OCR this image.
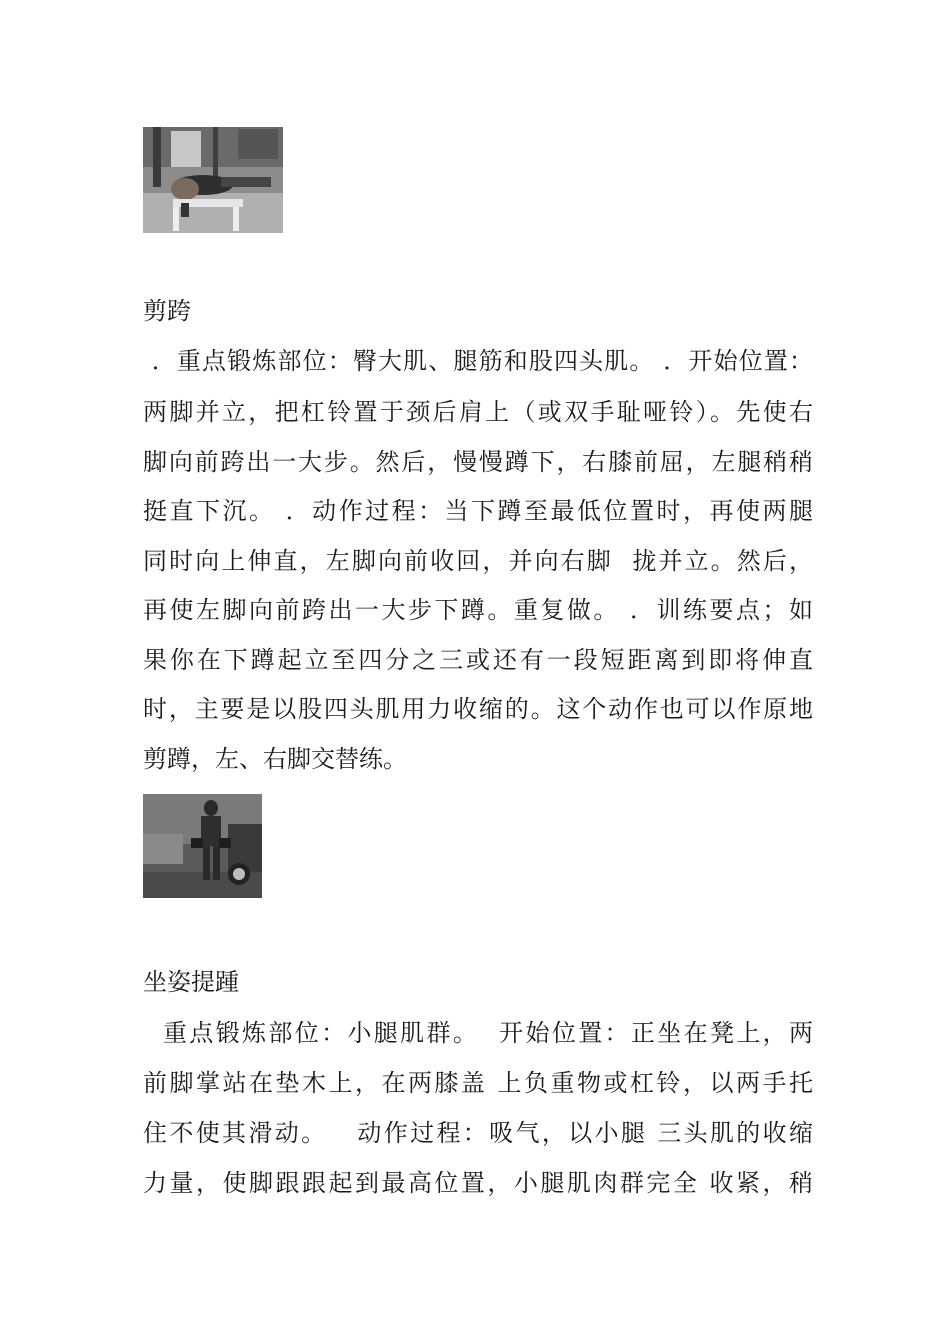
剪跨
．重点锻炼部位：臀大肌、腿筋和股四头肌。 ．开始位置：
两脚并立，把杠铃置于颈后肩上（或双手耻哑铃）。先使右
脚向前跨出一大步。然后，慢慢蹲下，右膝前屈，左腿稍稍
挺直下沉。 ．动作过程：当下蹲至最低位置时，再使两腿
同时向上伸直，左脚向前收回，并向右脚  拢并立。然后，
再使左脚向前跨出一大步下蹲。重复做。 ．训练要点；如
果你在下蹲起立至四分之三或还有一段短距离到即将伸直
时，主要是以股四头肌用力收缩的。这个动作也可以作原地
剪蹲，左、右脚交替练。
坐姿提踵
重点锻炼部位：小腿肌群。  开始位置：正坐在凳上，两
前脚掌站在垫木上，在两膝盖 上负重物或杠铃，以两手托
住不使其滑动。   动作过程：吸气，以小腿 三头肌的收缩
力量，使脚跟跟起到最高位置，小腿肌肉群完全 收紧，稍
